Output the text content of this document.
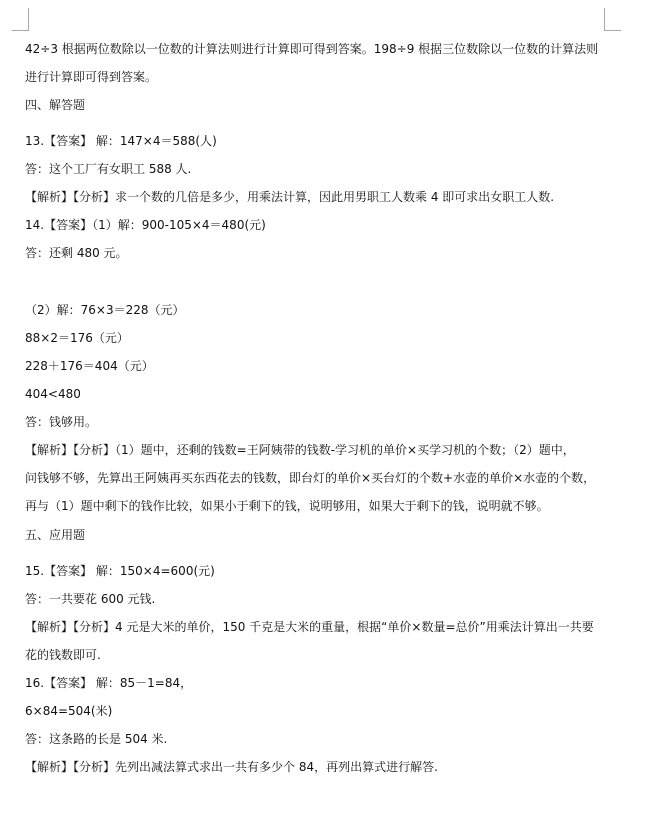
42÷3 根据两位数除以一位数的计算法则进行计算即可得到答案。198÷9 根据三位数除以一位数的计算法则
进行计算即可得到答案。
四、解答题
13.【答案】 解：147×4＝588(人)
答：这个工厂有女职工 588 人.
【解析】【分析】求一个数的几倍是多少，用乘法计算，因此用男职工人数乘 4 即可求出女职工人数.
14.【答案】（1）解：900-105×4＝480(元)
答：还剩 480 元。
（2）解：76×3＝228（元）
88×2＝176（元）
228＋176＝404（元）
404<480
答：钱够用。
【解析】【分析】（1）题中，还剩的钱数=王阿姨带的钱数-学习机的单价×买学习机的个数；（2）题中，
问钱够不够，先算出王阿姨再买东西花去的钱数，即台灯的单价×买台灯的个数+水壶的单价×水壶的个数，
再与（1）题中剩下的钱作比较，如果小于剩下的钱，说明够用，如果大于剩下的钱，说明就不够。
五、应用题
15.【答案】 解：150×4=600(元)
答：一共要花 600 元钱.
【解析】【分析】4 元是大米的单价，150 千克是大米的重量，根据“单价×数量=总价”用乘法计算出一共要
花的钱数即可.
16.【答案】 解：85－1=84，
6×84=504(米)
答：这条路的长是 504 米.
【解析】【分析】先列出减法算式求出一共有多少个 84，再列出算式进行解答.
